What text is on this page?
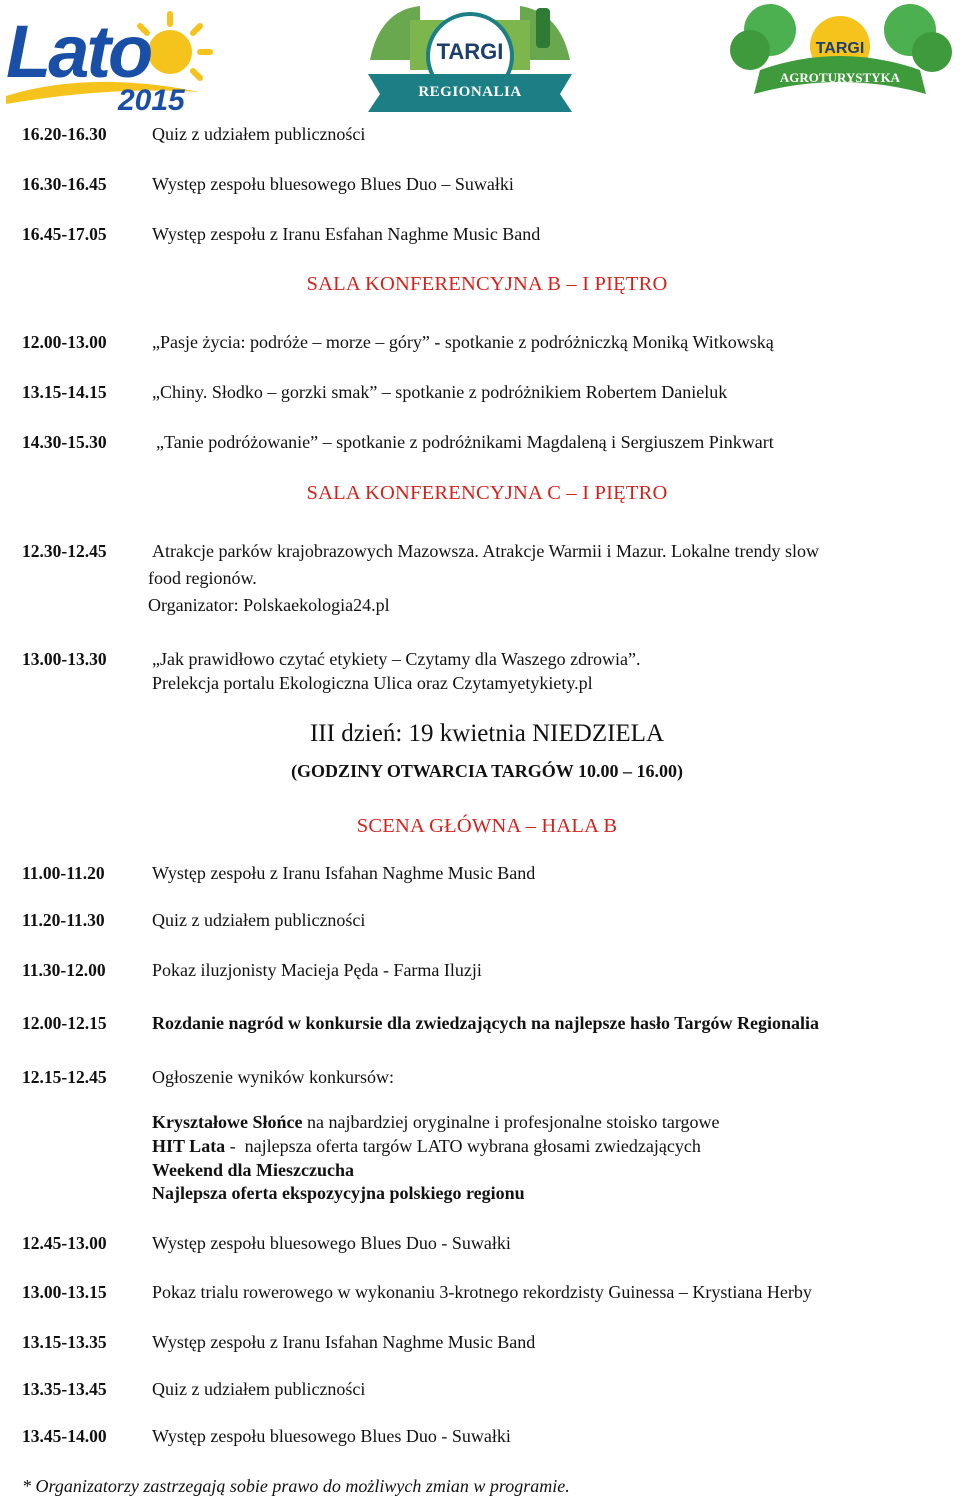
Lato
2015
TARGI
REGIONALIA
TARGI
AGROTURYSTYKA
16.20-16.30	Quiz z udziałem publiczności
16.30-16.45	Występ zespołu bluesowego Blues Duo – Suwałki
16.45-17.05	Występ zespołu z Iranu Esfahan Naghme Music Band
SALA KONFERENCYJNA B – I PIĘTRO
12.00-13.00	„Pasje życia: podróże – morze – góry” - spotkanie z podróżniczką Moniką Witkowską
13.15-14.15	„Chiny. Słodko – gorzki smak” – spotkanie z podróżnikiem Robertem Danieluk
14.30-15.30	„Tanie podróżowanie” – spotkanie z podróżnikami Magdaleną i Sergiuszem Pinkwart
SALA KONFERENCYJNA C – I PIĘTRO
12.30-12.45	Atrakcje parków krajobrazowych Mazowsza. Atrakcje Warmii i Mazur. Lokalne trendy slow
food regionów.
Organizator: Polskaekologia24.pl
13.00-13.30	„Jak prawidłowo czytać etykiety – Czytamy dla Waszego zdrowia”.
Prelekcja portalu Ekologiczna Ulica oraz Czytamyetykiety.pl
III dzień: 19 kwietnia NIEDZIELA
(GODZINY OTWARCIA TARGÓW 10.00 – 16.00)
SCENA GŁÓWNA – HALA B
11.00-11.20	Występ zespołu z Iranu Isfahan Naghme Music Band
11.20-11.30	Quiz z udziałem publiczności
11.30-12.00	Pokaz iluzjonisty Macieja Pęda - Farma Iluzji
12.00-12.15	Rozdanie nagród w konkursie dla zwiedzających na najlepsze hasło Targów Regionalia
12.15-12.45	Ogłoszenie wyników konkursów:
Kryształowe Słońce na najbardziej oryginalne i profesjonalne stoisko targowe
HIT Lata -  najlepsza oferta targów LATO wybrana głosami zwiedzających
Weekend dla Mieszczucha
Najlepsza oferta ekspozycyjna polskiego regionu
12.45-13.00	Występ zespołu bluesowego Blues Duo - Suwałki
13.00-13.15	Pokaz trialu rowerowego w wykonaniu 3-krotnego rekordzisty Guinessa – Krystiana Herby
13.15-13.35	Występ zespołu z Iranu Isfahan Naghme Music Band
13.35-13.45	Quiz z udziałem publiczności
13.45-14.00	Występ zespołu bluesowego Blues Duo - Suwałki
* Organizatorzy zastrzegają sobie prawo do możliwych zmian w programie.
